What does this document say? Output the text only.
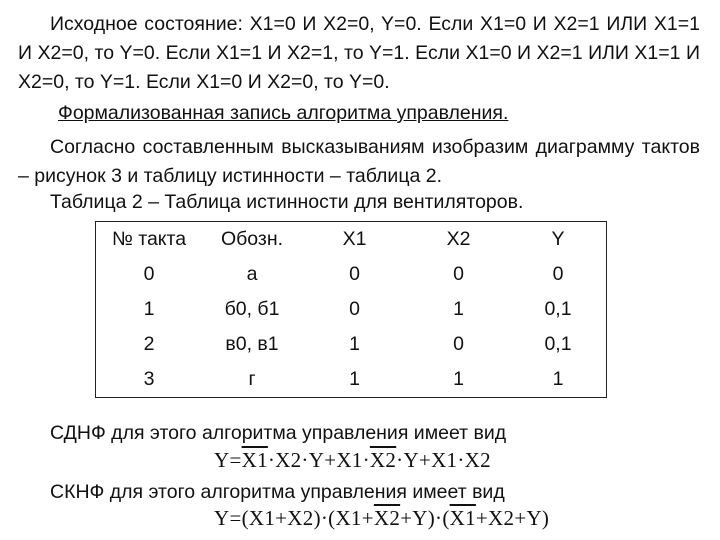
Исходное состояние: X1=0 И X2=0, Y=0. Если X1=0 И X2=1 ИЛИ X1=1 И X2=0, то Y=0. Если X1=1 И X2=1, то Y=1. Если X1=0 И X2=1 ИЛИ X1=1 И X2=0, то Y=1. Если X1=0 И X2=0, то Y=0.

Формализованная запись алгоритма управления.

Согласно составленным высказываниям изобразим диаграмму тактов – рисунок 3 и таблицу истинности – таблица 2.

Таблица 2 – Таблица истинности для вентиляторов.
№ такта	Обозн.	X1	X2	Y
0	а	0	0	0
1	б0, б1	0	1	0,1
2	в0, в1	1	0	0,1
3	г	1	1	1
СДНФ для этого алгоритма управления имеет вид
Y=X1·X2·Y+X1·X2·Y+X1·X2
СКНФ для этого алгоритма управления имеет вид
Y=(X1+X2)·(X1+X2+Y)·(X1+X2+Y)
